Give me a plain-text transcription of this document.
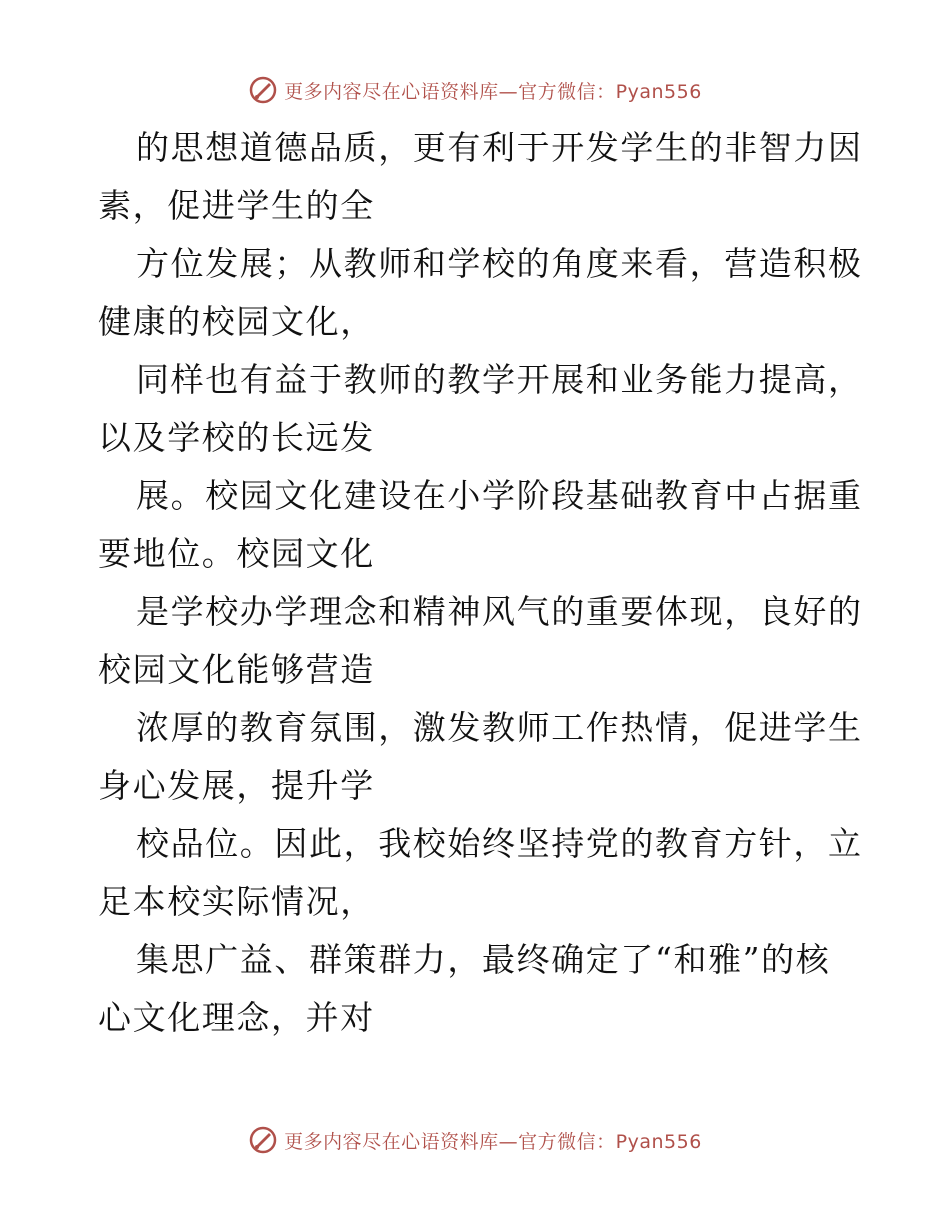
更多内容尽在心语资料库—官方微信：Pyan556
的思想道德品质，更有利于开发学生的非智力因
素，促进学生的全
方位发展；从教师和学校的角度来看，营造积极
健康的校园文化，
同样也有益于教师的教学开展和业务能力提高，
以及学校的长远发
展。校园文化建设在小学阶段基础教育中占据重
要地位。校园文化
是学校办学理念和精神风气的重要体现，良好的
校园文化能够营造
浓厚的教育氛围，激发教师工作热情，促进学生
身心发展，提升学
校品位。因此，我校始终坚持党的教育方针，立
足本校实际情况，
集思广益、群策群力，最终确定了“和雅”的核
心文化理念，并对
更多内容尽在心语资料库—官方微信：Pyan556
